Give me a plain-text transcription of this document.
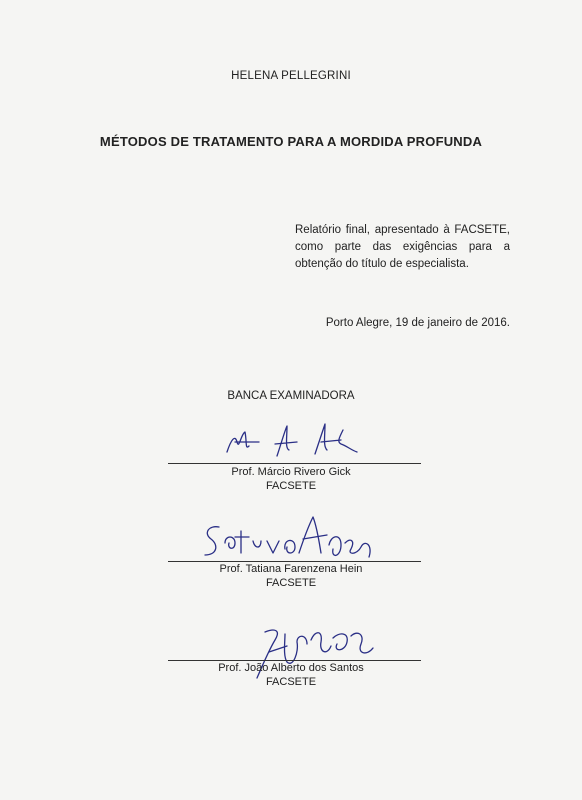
HELENA PELLEGRINI
MÉTODOS DE TRATAMENTO PARA A MORDIDA PROFUNDA
Relatório final, apresentado à FACSETE,
como parte das exigências para a
obtenção do título de especialista.
Porto Alegre, 19 de janeiro de 2016.
BANCA EXAMINADORA
Prof. Márcio Rivero Gick
FACSETE
Prof. Tatiana Farenzena Hein
FACSETE
Prof. João Alberto dos Santos
FACSETE
